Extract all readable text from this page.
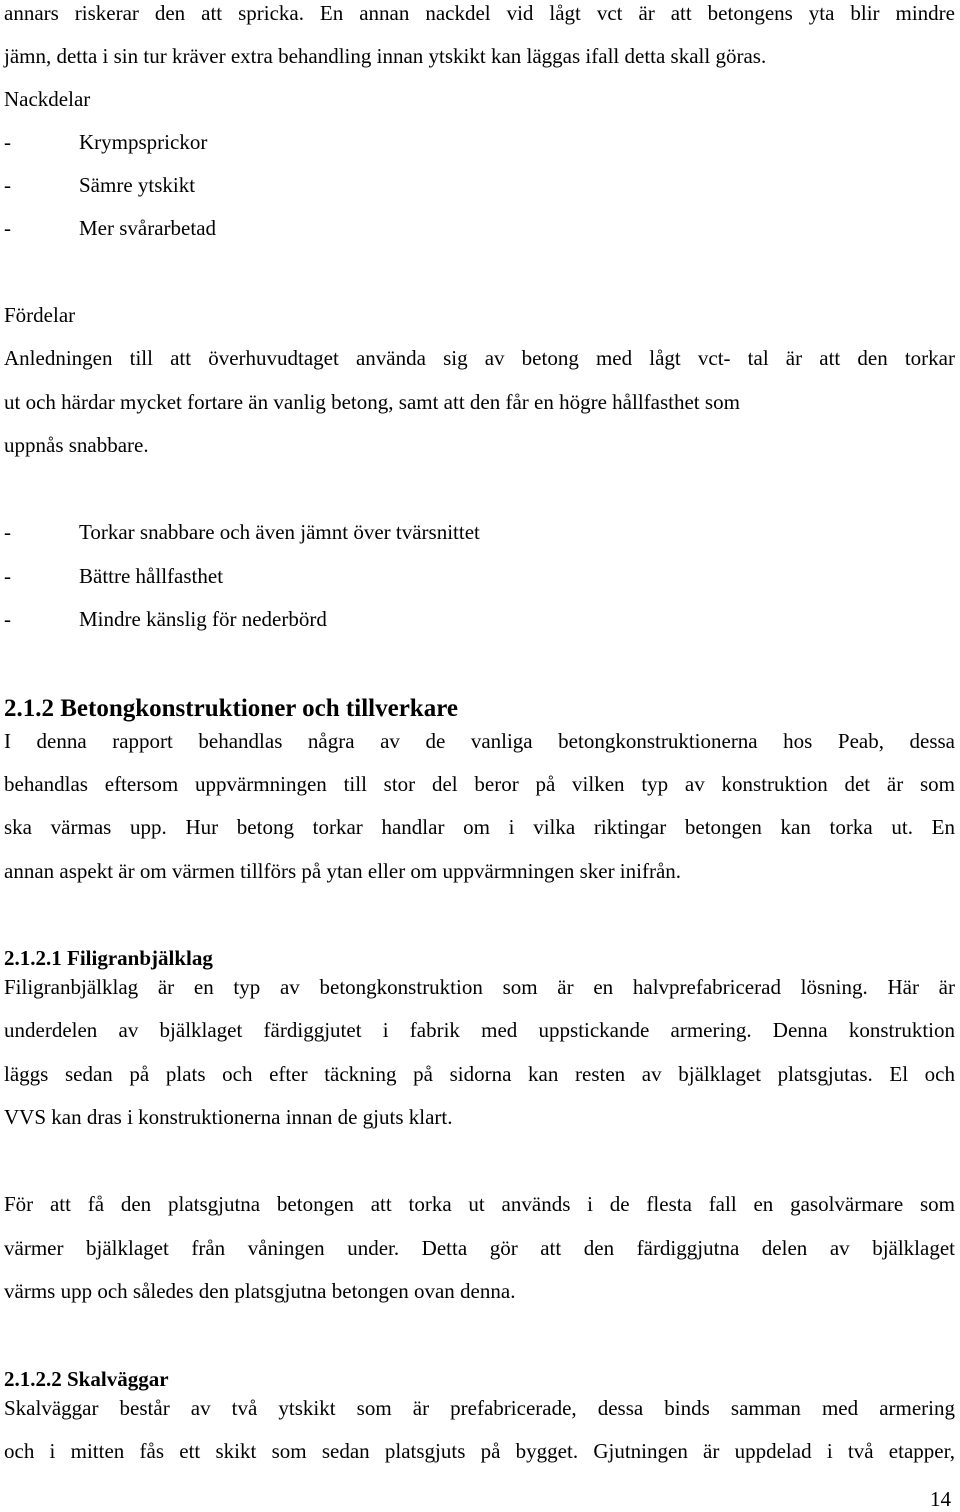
annars riskerar den att spricka. En annan nackdel vid lågt vct är att betongens yta blir mindre

jämn, detta i sin tur kräver extra behandling innan ytskikt kan läggas ifall detta skall göras.

Nackdelar

-	Krympsprickor
-	Sämre ytskikt
-	Mer svårarbetad

Fördelar

Anledningen till att överhuvudtaget använda sig av betong med lågt vct- tal är att den torkar

ut och härdar mycket fortare än vanlig betong, samt att den får en högre hållfasthet som

uppnås snabbare.

-	Torkar snabbare och även jämnt över tvärsnittet
-	Bättre hållfasthet
-	Mindre känslig för nederbörd
2.1.2 Betongkonstruktioner och tillverkare

I denna rapport behandlas några av de vanliga betongkonstruktionerna hos Peab, dessa

behandlas eftersom uppvärmningen till stor del beror på vilken typ av konstruktion det är som

ska värmas upp. Hur betong torkar handlar om i vilka riktingar betongen kan torka ut. En

annan aspekt är om värmen tillförs på ytan eller om uppvärmningen sker inifrån.

2.1.2.1 Filigranbjälklag

Filigranbjälklag är en typ av betongkonstruktion som är en halvprefabricerad lösning. Här är

underdelen av bjälklaget färdiggjutet i fabrik med uppstickande armering. Denna konstruktion

läggs sedan på plats och efter täckning på sidorna kan resten av bjälklaget platsgjutas. El och

VVS kan dras i konstruktionerna innan de gjuts klart.

För att få den platsgjutna betongen att torka ut används i de flesta fall en gasolvärmare som

värmer bjälklaget från våningen under. Detta gör att den färdiggjutna delen av bjälklaget

värms upp och således den platsgjutna betongen ovan denna.

2.1.2.2 Skalväggar

Skalväggar består av två ytskikt som är prefabricerade, dessa binds samman med armering

och i mitten fås ett skikt som sedan platsgjuts på bygget. Gjutningen är uppdelad i två etapper,

14
